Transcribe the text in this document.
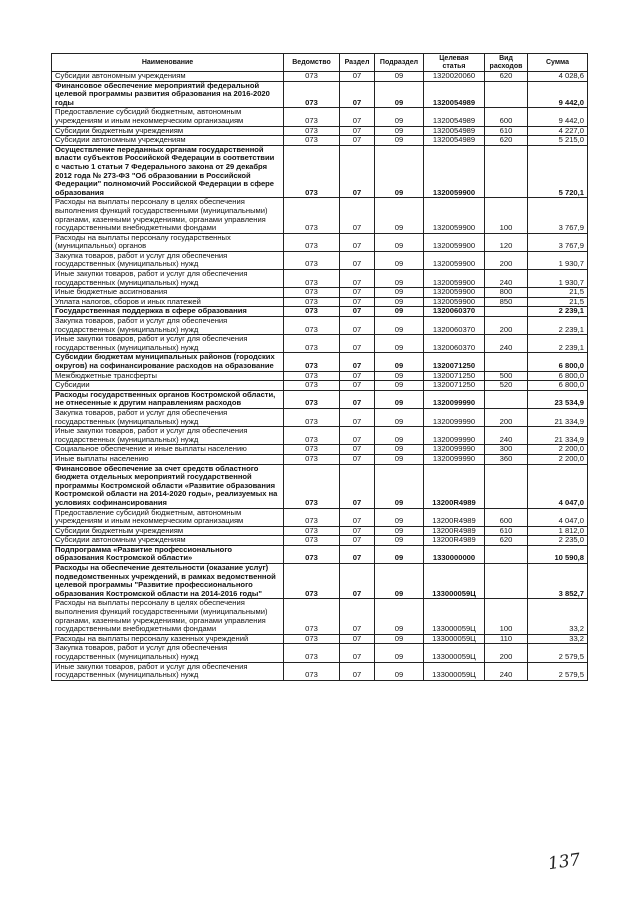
Наименование	Ведомство	Раздел	Подраздел	Целевая статья	Вид расходов	Сумма
Субсидии автономным учреждениям	073	07	09	1320020060	620	4 028,6
Финансовое обеспечение мероприятий федеральной целевой программы развития образования на 2016-2020 годы	073	07	09	1320054989		9 442,0
Предоставление субсидий бюджетным, автономным учреждениям и иным некоммерческим организациям	073	07	09	1320054989	600	9 442,0
Субсидии бюджетным учреждениям	073	07	09	1320054989	610	4 227,0
Субсидии автономным учреждениям	073	07	09	1320054989	620	5 215,0
Осуществление переданных органам государственной власти субъектов Российской Федерации в соответствии с частью 1 статьи 7 Федерального закона от 29 декабря 2012 года № 273-ФЗ "Об образовании в Российской Федерации" полномочий Российской Федерации в сфере образования	073	07	09	1320059900		5 720,1
Расходы на выплаты персоналу в целях обеспечения выполнения функций государственными (муниципальными) органами, казенными учреждениями, органами управления государственными внебюджетными фондами	073	07	09	1320059900	100	3 767,9
Расходы на выплаты персоналу государственных (муниципальных) органов	073	07	09	1320059900	120	3 767,9
Закупка товаров, работ и услуг для обеспечения государственных (муниципальных) нужд	073	07	09	1320059900	200	1 930,7
Иные закупки товаров, работ и услуг для обеспечения государственных (муниципальных) нужд	073	07	09	1320059900	240	1 930,7
Иные бюджетные ассигнования	073	07	09	1320059900	800	21,5
Уплата налогов, сборов и иных платежей	073	07	09	1320059900	850	21,5
Государственная поддержка в сфере образования	073	07	09	1320060370		2 239,1
Закупка товаров, работ и услуг для обеспечения государственных (муниципальных) нужд	073	07	09	1320060370	200	2 239,1
Иные закупки товаров, работ и услуг для обеспечения государственных (муниципальных) нужд	073	07	09	1320060370	240	2 239,1
Субсидии бюджетам муниципальных районов (городских округов) на софинансирование расходов на образование	073	07	09	1320071250		6 800,0
Межбюджетные трансферты	073	07	09	1320071250	500	6 800,0
Субсидии	073	07	09	1320071250	520	6 800,0
Расходы государственных органов Костромской области, не отнесенные к другим направлениям расходов	073	07	09	1320099990		23 534,9
Закупка товаров, работ и услуг для обеспечения государственных (муниципальных) нужд	073	07	09	1320099990	200	21 334,9
Иные закупки товаров, работ и услуг для обеспечения государственных (муниципальных) нужд	073	07	09	1320099990	240	21 334,9
Социальное обеспечение и иные выплаты населению	073	07	09	1320099990	300	2 200,0
Иные выплаты населению	073	07	09	1320099990	360	2 200,0
Финансовое обеспечение за счет средств областного бюджета отдельных мероприятий государственной программы Костромской области «Развитие образования Костромской области на 2014-2020 годы», реализуемых на условиях софинансирования	073	07	09	13200R4989		4 047,0
Предоставление субсидий бюджетным, автономным учреждениям и иным некоммерческим организациям	073	07	09	13200R4989	600	4 047,0
Субсидии бюджетным учреждениям	073	07	09	13200R4989	610	1 812,0
Субсидии автономным учреждениям	073	07	09	13200R4989	620	2 235,0
Подпрограмма «Развитие профессионального образования Костромской области»	073	07	09	1330000000		10 590,8
Расходы на обеспечение деятельности (оказание услуг) подведомственных учреждений, в рамках ведомственной целевой программы "Развитие профессионального образования Костромской области на 2014-2016 годы"	073	07	09	133000059Ц		3 852,7
Расходы на выплаты персоналу в целях обеспечения выполнения функций государственными (муниципальными) органами, казенными учреждениями, органами управления государственными внебюджетными фондами	073	07	09	133000059Ц	100	33,2
Расходы на выплаты персоналу казенных учреждений	073	07	09	133000059Ц	110	33,2
Закупка товаров, работ и услуг для обеспечения государственных (муниципальных) нужд	073	07	09	133000059Ц	200	2 579,5
Иные закупки товаров, работ и услуг для обеспечения государственных (муниципальных) нужд	073	07	09	133000059Ц	240	2 579,5
137
